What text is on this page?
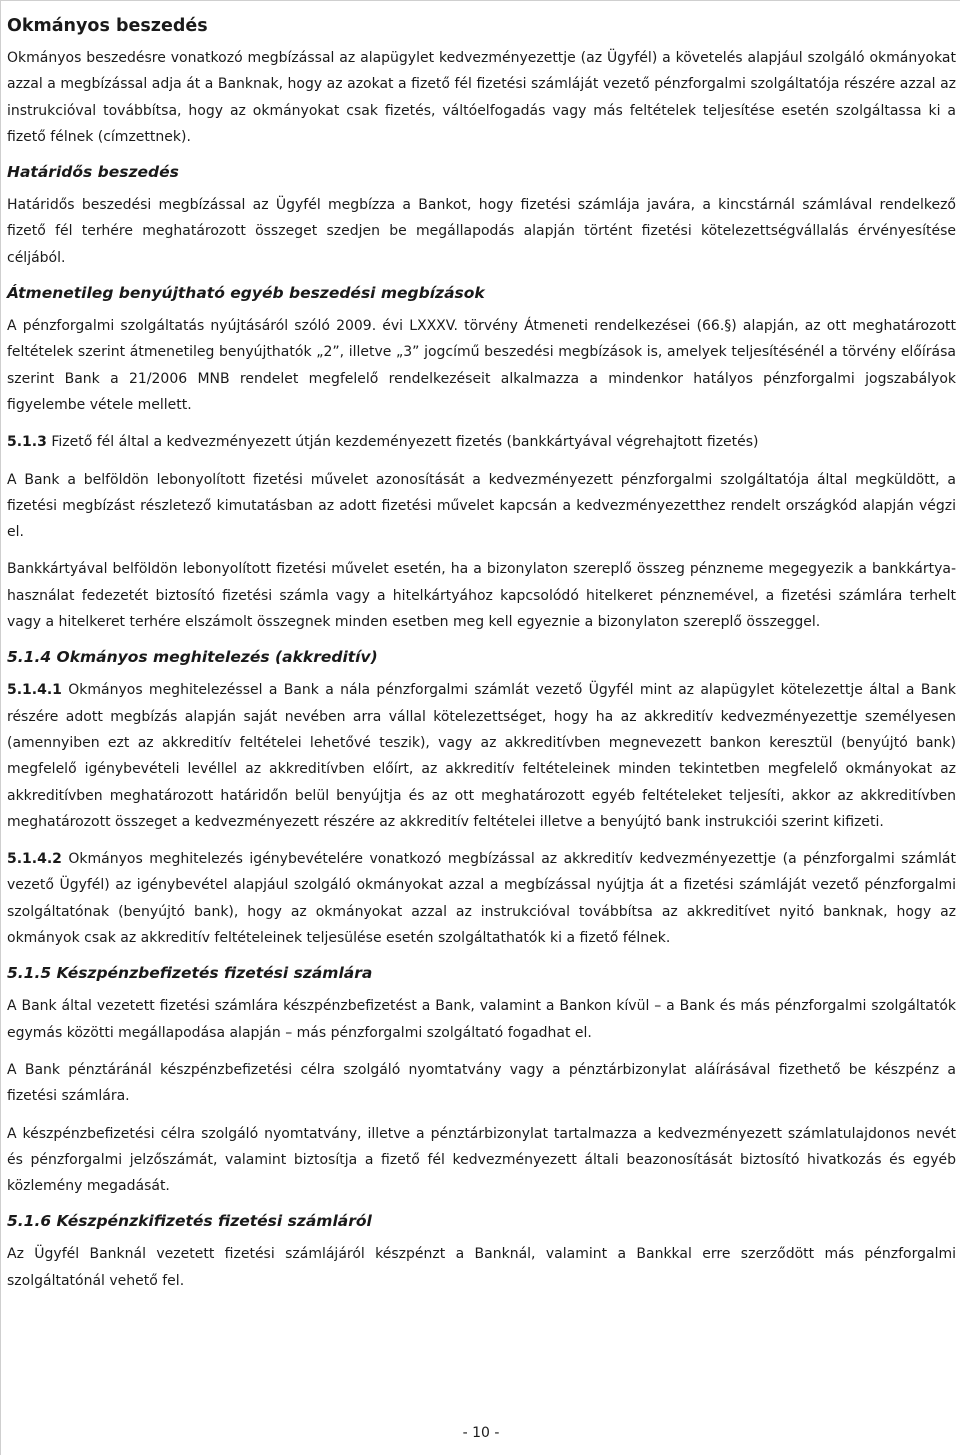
Okmányos beszedés

Okmányos beszedésre vonatkozó megbízással az alapügylet kedvezményezettje (az Ügyfél) a követelés alapjául szolgáló okmányokat azzal a megbízással adja át a Banknak, hogy az azokat a fizető fél fizetési számláját vezető pénzforgalmi szolgáltatója részére azzal az instrukcióval továbbítsa, hogy az okmányokat csak fizetés, váltóelfogadás vagy más feltételek teljesítése esetén szolgáltassa ki a fizető félnek (címzettnek).

Határidős beszedés

Határidős beszedési megbízással az Ügyfél megbízza a Bankot, hogy fizetési számlája javára, a kincstárnál számlával rendelkező fizető fél terhére meghatározott összeget szedjen be megállapodás alapján történt fizetési kötelezettségvállalás érvényesítése céljából.

Átmenetileg benyújtható egyéb beszedési megbízások

A pénzforgalmi szolgáltatás nyújtásáról szóló 2009. évi LXXXV. törvény Átmeneti rendelkezései (66.§) alapján, az ott meghatározott feltételek szerint átmenetileg benyújthatók „2”, illetve „3” jogcímű beszedési megbízások is, amelyek teljesítésénél a törvény előírása szerint Bank a 21/2006 MNB rendelet megfelelő rendelkezéseit alkalmazza a mindenkor hatályos pénzforgalmi jogszabályok figyelembe vétele mellett.

5.1.3 Fizető fél által a kedvezményezett útján kezdeményezett fizetés (bankkártyával végrehajtott fizetés)

A Bank a belföldön lebonyolított fizetési művelet azonosítását a kedvezményezett pénzforgalmi szolgáltatója által megküldött, a fizetési megbízást részletező kimutatásban az adott fizetési művelet kapcsán a kedvezményezetthez rendelt országkód alapján végzi el.

Bankkártyával belföldön lebonyolított fizetési művelet esetén, ha a bizonylaton szereplő összeg pénzneme megegyezik a bankkártya-használat fedezetét biztosító fizetési számla vagy a hitelkártyához kapcsolódó hitelkeret pénznemével, a fizetési számlára terhelt vagy a hitelkeret terhére elszámolt összegnek minden esetben meg kell egyeznie a bizonylaton szereplő összeggel.

5.1.4 Okmányos meghitelezés (akkreditív)

5.1.4.1 Okmányos meghitelezéssel a Bank a nála pénzforgalmi számlát vezető Ügyfél mint az alapügylet kötelezettje által a Bank részére adott megbízás alapján saját nevében arra vállal kötelezettséget, hogy ha az akkreditív kedvezményezettje személyesen (amennyiben ezt az akkreditív feltételei lehetővé teszik), vagy az akkreditívben megnevezett bankon keresztül (benyújtó bank) megfelelő igénybevételi levéllel az akkreditívben előírt, az akkreditív feltételeinek minden tekintetben megfelelő okmányokat az akkreditívben meghatározott határidőn belül benyújtja és az ott meghatározott egyéb feltételeket teljesíti, akkor az akkreditívben meghatározott összeget a kedvezményezett részére az akkreditív feltételei illetve a benyújtó bank instrukciói szerint kifizeti.

5.1.4.2 Okmányos meghitelezés igénybevételére vonatkozó megbízással az akkreditív kedvezményezettje (a pénzforgalmi számlát vezető Ügyfél) az igénybevétel alapjául szolgáló okmányokat azzal a megbízással nyújtja át a fizetési számláját vezető pénzforgalmi szolgáltatónak (benyújtó bank), hogy az okmányokat azzal az instrukcióval továbbítsa az akkreditívet nyitó banknak, hogy az okmányok csak az akkreditív feltételeinek teljesülése esetén szolgáltathatók ki a fizető félnek.

5.1.5 Készpénzbefizetés fizetési számlára

A Bank által vezetett fizetési számlára készpénzbefizetést a Bank, valamint a Bankon kívül – a Bank és más pénzforgalmi szolgáltatók egymás közötti megállapodása alapján – más pénzforgalmi szolgáltató fogadhat el.

A Bank pénztáránál készpénzbefizetési célra szolgáló nyomtatvány vagy a pénztárbizonylat aláírásával fizethető be készpénz a fizetési számlára.

A készpénzbefizetési célra szolgáló nyomtatvány, illetve a pénztárbizonylat tartalmazza a kedvezményezett számlatulajdonos nevét és pénzforgalmi jelzőszámát, valamint biztosítja a fizető fél kedvezményezett általi beazonosítását biztosító hivatkozás és egyéb közlemény megadását.

5.1.6 Készpénzkifizetés fizetési számláról

Az Ügyfél Banknál vezetett fizetési számlájáról készpénzt a Banknál, valamint a Bankkal erre szerződött más pénzforgalmi szolgáltatónál vehető fel.

- 10 -
